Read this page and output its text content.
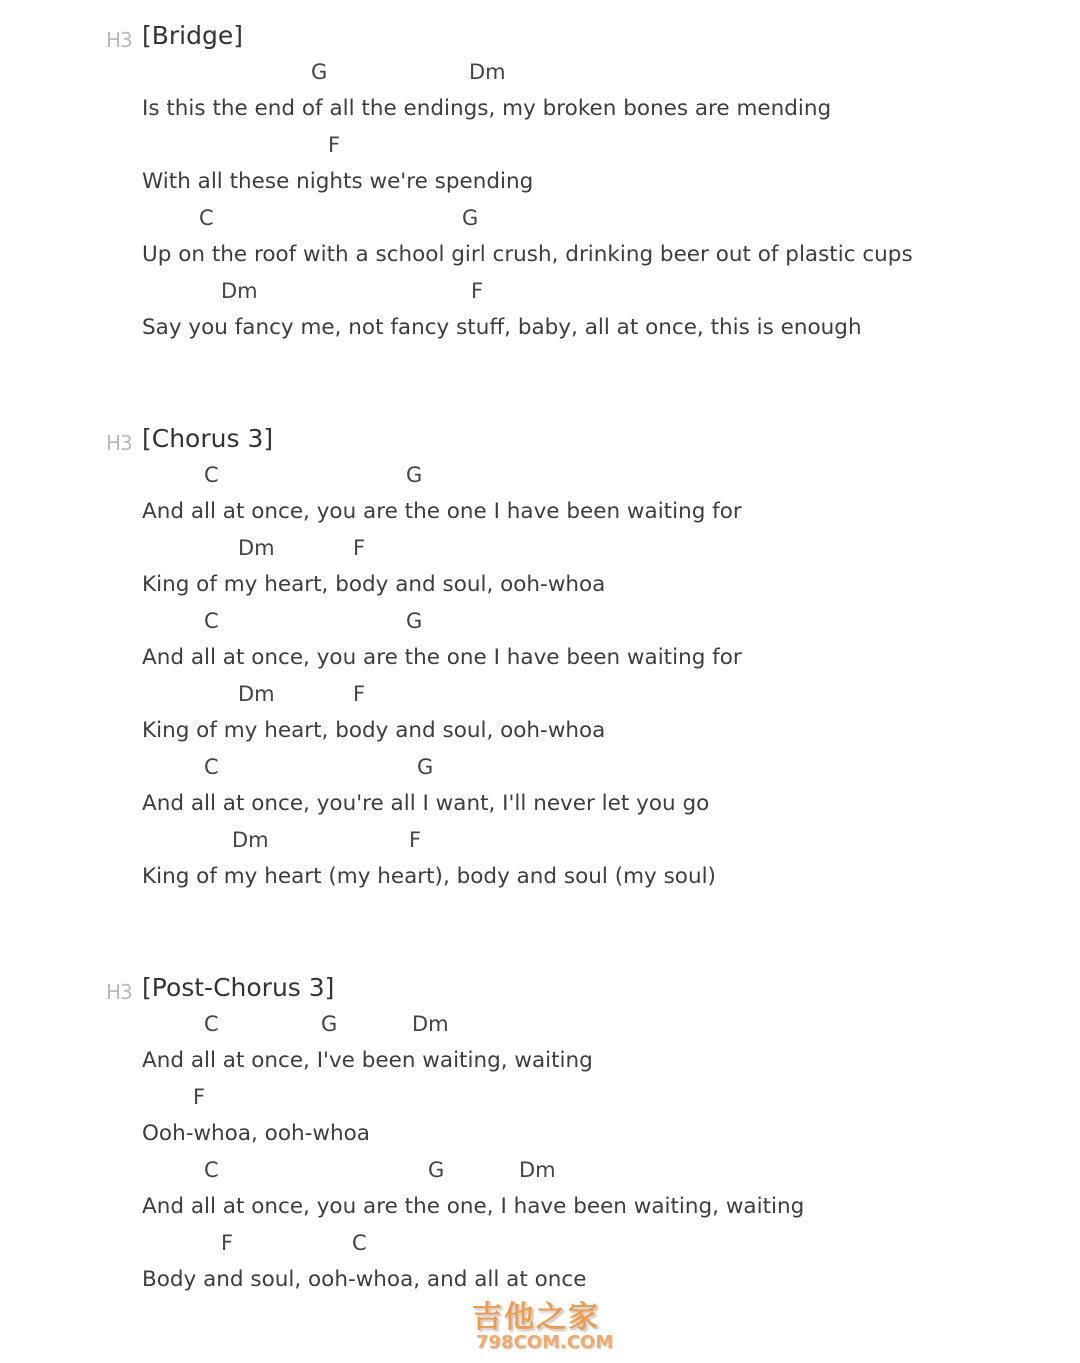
H3 [Bridge]
G	Dm
Is this the end of all the endings, my broken bones are mending
F
With all these nights we're spending
C	G
Up on the roof with a school girl crush, drinking beer out of plastic cups
Dm	F
Say you fancy me, not fancy stuff, baby, all at once, this is enough
H3 [Chorus 3]
C	G
And all at once, you are the one I have been waiting for
Dm	F
King of my heart, body and soul, ooh-whoa
C	G
And all at once, you are the one I have been waiting for
Dm	F
King of my heart, body and soul, ooh-whoa
C	G
And all at once, you're all I want, I'll never let you go
Dm	F
King of my heart (my heart), body and soul (my soul)
H3 [Post-Chorus 3]
C	G	Dm
And all at once, I've been waiting, waiting
F
Ooh-whoa, ooh-whoa
C	G	Dm
And all at once, you are the one, I have been waiting, waiting
F	C
Body and soul, ooh-whoa, and all at once
吉他之家
798COM.COM
